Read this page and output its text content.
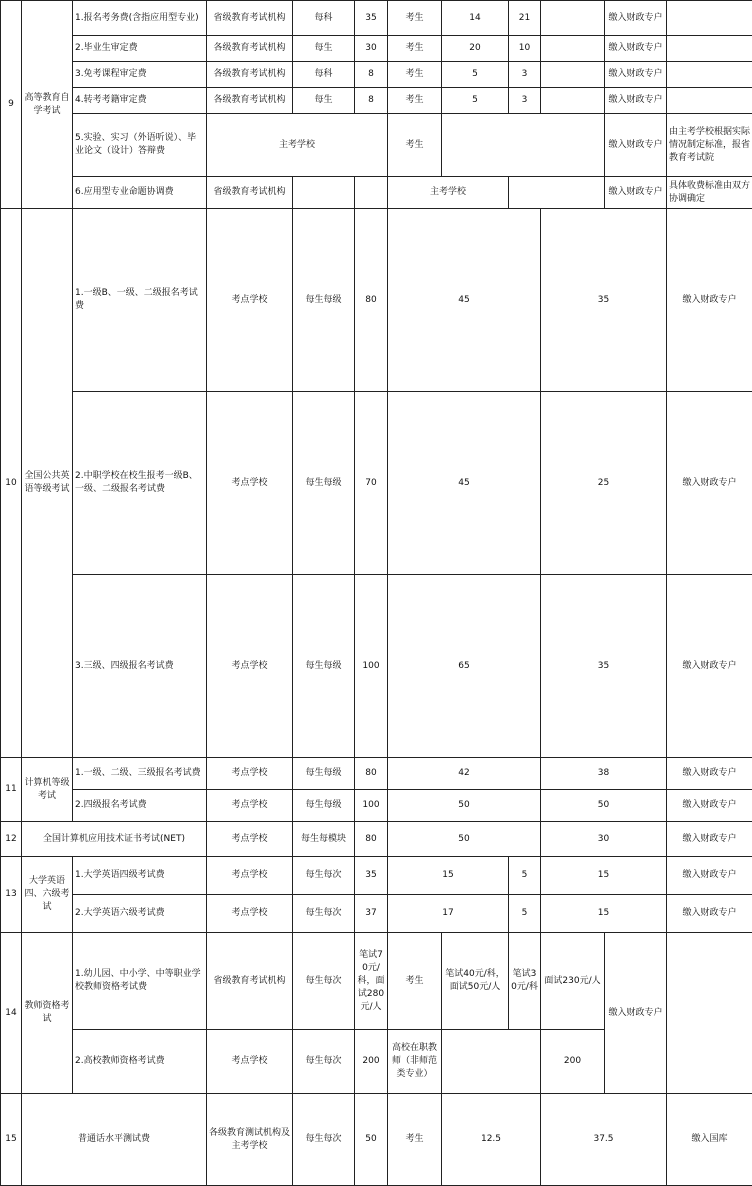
9	高等教育自学考试	1.报名考务费(含指应用型专业)	省级教育考试机构	每科	35	考生	14	21		缴入财政专户		
		2.毕业生审定费	各级教育考试机构	每生	30	考生	20	10		缴入财政专户		
		3.免考课程审定费	各级教育考试机构	每科	8	考生	5	3		缴入财政专户		
		4.转考考籍审定费	各级教育考试机构	每生	8	考生	5	3		缴入财政专户		
		5.实验、实习（外语听说）、毕业论文（设计）答辩费	主考学校			考生				缴入财政专户	由主考学校根据实际情况制定标准，报省教育考试院	
		6.应用型专业命题协调费	省级教育考试机构			主考学校				缴入财政专户	具体收费标准由双方协调确定	
10	全国公共英语等级考试	1.一级B、一级、二级报名考试费	考点学校	每生每级	80	45			35		缴入财政专户	
		2.中职学校在校生报考一级B、一级、二级报名考试费	考点学校	每生每级	70	45			25		缴入财政专户	
		3.三级、四级报名考试费	考点学校	每生每级	100	65			35		缴入财政专户	
11	计算机等级考试	1.一级、二级、三级报名考试费	考点学校	每生每级	80	42			38		缴入财政专户	
		2.四级报名考试费	考点学校	每生每级	100	50			50		缴入财政专户	
12	全国计算机应用技术证书考试(NET)		考点学校	每生每模块	80	50			30		缴入财政专户	
13	大学英语四、六级考试	1.大学英语四级考试费	考点学校	每生每次	35	15		5	15		缴入财政专户	
		2.大学英语六级考试费	考点学校	每生每次	37	17		5	15		缴入财政专户	
14	教师资格考试	1.幼儿园、中小学、中等职业学校教师资格考试费	省级教育考试机构	每生每次	笔试70元/科，面试280元/人	考生	笔试40元/科，面试50元/人	笔试30元/科	面试230元/人	缴入财政专户		
		2.高校教师资格考试费	考点学校	每生每次	200	高校在职教师（非师范类专业）			200			
15	普通话水平测试费		各级教育测试机构及主考学校	每生每次	50	考生	12.5		37.5		缴入国库	
